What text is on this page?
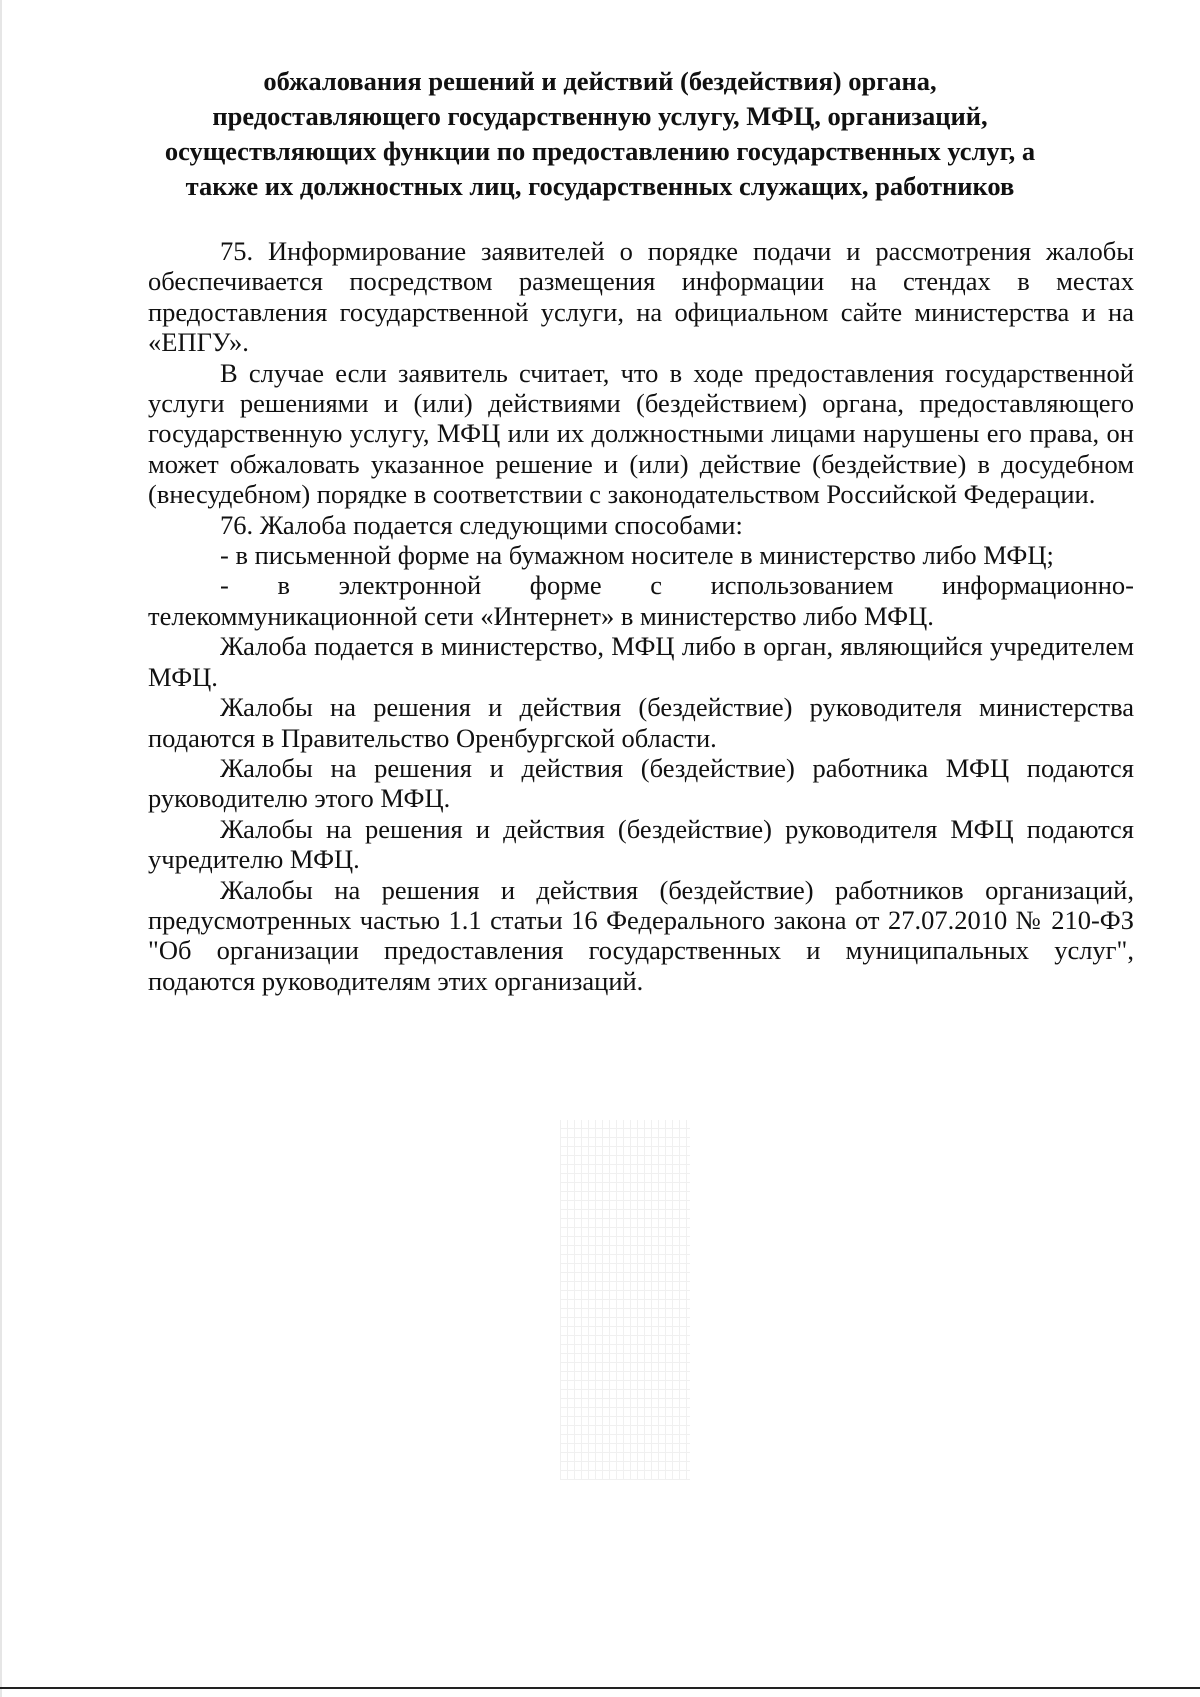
обжалования решений и действий (бездействия) органа,
предоставляющего государственную услугу, МФЦ, организаций,
осуществляющих функции по предоставлению государственных услуг, а
также их должностных лиц, государственных служащих, работников

75. Информирование заявителей о порядке подачи и рассмотрения жалобы обеспечивается посредством размещения информации на стендах в местах предоставления государственной услуги, на официальном сайте министерства и на «ЕПГУ».

В случае если заявитель считает, что в ходе предоставления государственной услуги решениями и (или) действиями (бездействием) органа, предоставляющего государственную услугу, МФЦ или их должностными лицами нарушены его права, он может обжаловать указанное решение и (или) действие (бездействие) в досудебном (внесудебном) порядке в соответствии с законодательством Российской Федерации.

76. Жалоба подается следующими способами:

- в письменной форме на бумажном носителе в министерство либо МФЦ;

- в электронной форме с использованием информационно-телекоммуникационной сети «Интернет» в министерство либо МФЦ.

Жалоба подается в министерство, МФЦ либо в орган, являющийся учредителем МФЦ.

Жалобы на решения и действия (бездействие) руководителя министерства подаются в Правительство Оренбургской области.

Жалобы на решения и действия (бездействие) работника МФЦ подаются руководителю этого МФЦ.

Жалобы на решения и действия (бездействие) руководителя МФЦ подаются учредителю МФЦ.

Жалобы на решения и действия (бездействие) работников организаций, предусмотренных частью 1.1 статьи 16 Федерального закона от 27.07.2010 № 210-ФЗ "Об организации предоставления государственных и муниципальных услуг", подаются руководителям этих организаций.
